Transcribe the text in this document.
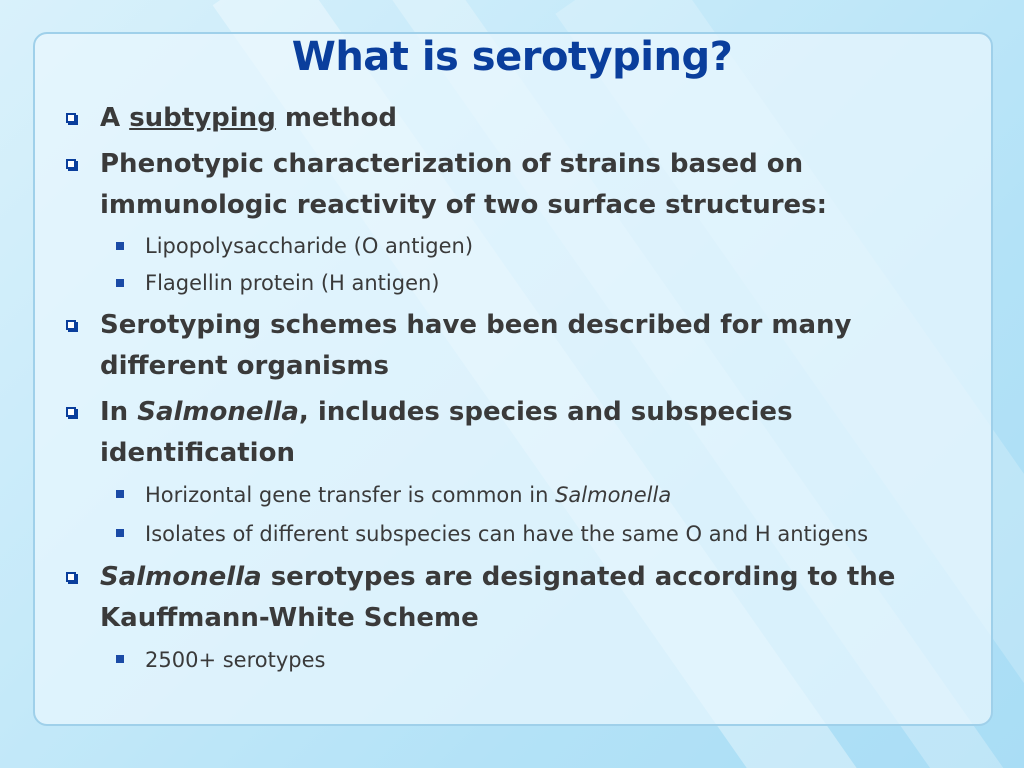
What is serotyping?
A subtyping method
Phenotypic characterization of strains based on immunologic reactivity of two surface structures:
Lipopolysaccharide (O antigen)
Flagellin protein (H antigen)
Serotyping schemes have been described for many different organisms
In Salmonella, includes species and subspecies identification
Horizontal gene transfer is common in Salmonella
Isolates of different subspecies can have the same O and H antigens
Salmonella serotypes are designated according to the Kauffmann-White Scheme
2500+ serotypes
